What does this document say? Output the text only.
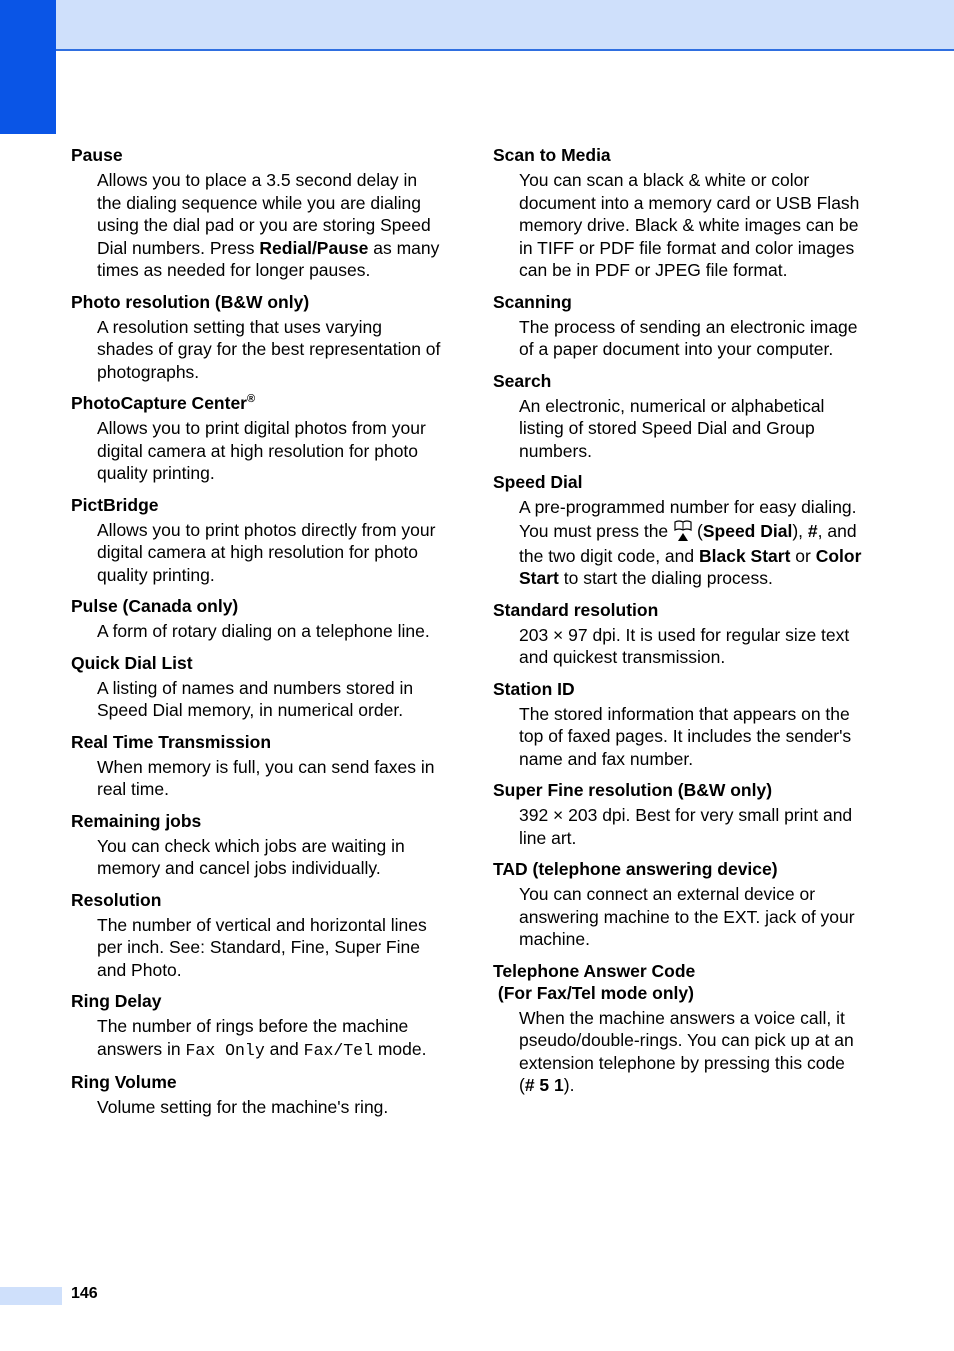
Pause
Allows you to place a 3.5 second delay in the dialing sequence while you are dialing using the dial pad or you are storing Speed Dial numbers. Press Redial/Pause as many times as needed for longer pauses.
Photo resolution (B&W only)
A resolution setting that uses varying shades of gray for the best representation of photographs.
PhotoCapture Center®
Allows you to print digital photos from your digital camera at high resolution for photo quality printing.
PictBridge
Allows you to print photos directly from your digital camera at high resolution for photo quality printing.
Pulse (Canada only)
A form of rotary dialing on a telephone line.
Quick Dial List
A listing of names and numbers stored in Speed Dial memory, in numerical order.
Real Time Transmission
When memory is full, you can send faxes in real time.
Remaining jobs
You can check which jobs are waiting in memory and cancel jobs individually.
Resolution
The number of vertical and horizontal lines per inch. See: Standard, Fine, Super Fine and Photo.
Ring Delay
The number of rings before the machine answers in Fax Only and Fax/Tel mode.
Ring Volume
Volume setting for the machine's ring.
Scan to Media
You can scan a black & white or color document into a memory card or USB Flash memory drive. Black & white images can be in TIFF or PDF file format and color images can be in PDF or JPEG file format.
Scanning
The process of sending an electronic image of a paper document into your computer.
Search
An electronic, numerical or alphabetical listing of stored Speed Dial and Group numbers.
Speed Dial
A pre-programmed number for easy dialing. You must press the (Speed Dial), #, and the two digit code, and Black Start or Color Start to start the dialing process.
Standard resolution
203 × 97 dpi. It is used for regular size text and quickest transmission.
Station ID
The stored information that appears on the top of faxed pages. It includes the sender's name and fax number.
Super Fine resolution (B&W only)
392 × 203 dpi. Best for very small print and line art.
TAD (telephone answering device)
You can connect an external device or answering machine to the EXT. jack of your machine.
Telephone Answer Code
(For Fax/Tel mode only)
When the machine answers a voice call, it pseudo/double-rings. You can pick up at an extension telephone by pressing this code (# 5 1).
146
